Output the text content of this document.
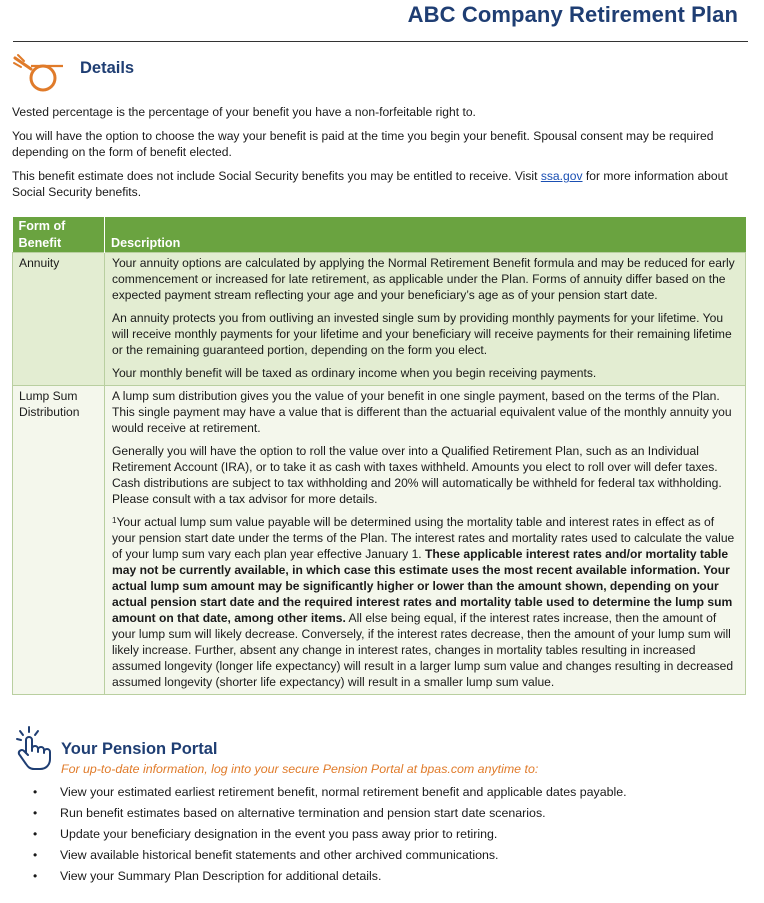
ABC Company Retirement Plan
Details

Vested percentage is the percentage of your benefit you have a non-forfeitable right to.

You will have the option to choose the way your benefit is paid at the time you begin your benefit. Spousal consent may be required depending on the form of benefit elected.

This benefit estimate does not include Social Security benefits you may be entitled to receive. Visit ssa.gov for more information about Social Security benefits.

Form of Benefit	Description
Annuity	Your annuity options are calculated by applying the Normal Retirement Benefit formula and may be reduced for early commencement or increased for late retirement, as applicable under the Plan. Forms of annuity differ based on the expected payment stream reflecting your age and your beneficiary’s age as of your pension start date.

An annuity protects you from outliving an invested single sum by providing monthly payments for your lifetime. You will receive monthly payments for your lifetime and your beneficiary will receive payments for their remaining lifetime or the remaining guaranteed portion, depending on the form you elect.

Your monthly benefit will be taxed as ordinary income when you begin receiving payments.

Lump Sum Distribution	A lump sum distribution gives you the value of your benefit in one single payment, based on the terms of the Plan. This single payment may have a value that is different than the actuarial equivalent value of the monthly annuity you would receive at retirement.

Generally you will have the option to roll the value over into a Qualified Retirement Plan, such as an Individual Retirement Account (IRA), or to take it as cash with taxes withheld. Amounts you elect to roll over will defer taxes. Cash distributions are subject to tax withholding and 20% will automatically be withheld for federal tax withholding. Please consult with a tax advisor for more details.

$^1$Your actual lump sum value payable will be determined using the mortality table and interest rates in effect as of your pension start date under the terms of the Plan. The interest rates and mortality rates used to calculate the value of your lump sum vary each plan year effective January 1. These applicable interest rates and/or mortality table may not be currently available, in which case this estimate uses the most recent available information. Your actual lump sum amount may be significantly higher or lower than the amount shown, depending on your actual pension start date and the required interest rates and mortality table used to determine the lump sum amount on that date, among other items. All else being equal, if the interest rates increase, then the amount of your lump sum will likely decrease. Conversely, if the interest rates decrease, then the amount of your lump sum will likely increase. Further, absent any change in interest rates, changes in mortality tables resulting in increased assumed longevity (longer life expectancy) will result in a larger lump sum value and changes resulting in decreased assumed longevity (shorter life expectancy) will result in a smaller lump sum value.

Your Pension Portal
For up-to-date information, log into your secure Pension Portal at bpas.com anytime to:
• View your estimated earliest retirement benefit, normal retirement benefit and applicable dates payable.
• Run benefit estimates based on alternative termination and pension start date scenarios.
• Update your beneficiary designation in the event you pass away prior to retiring.
• View available historical benefit statements and other archived communications.
• View your Summary Plan Description for additional details.
